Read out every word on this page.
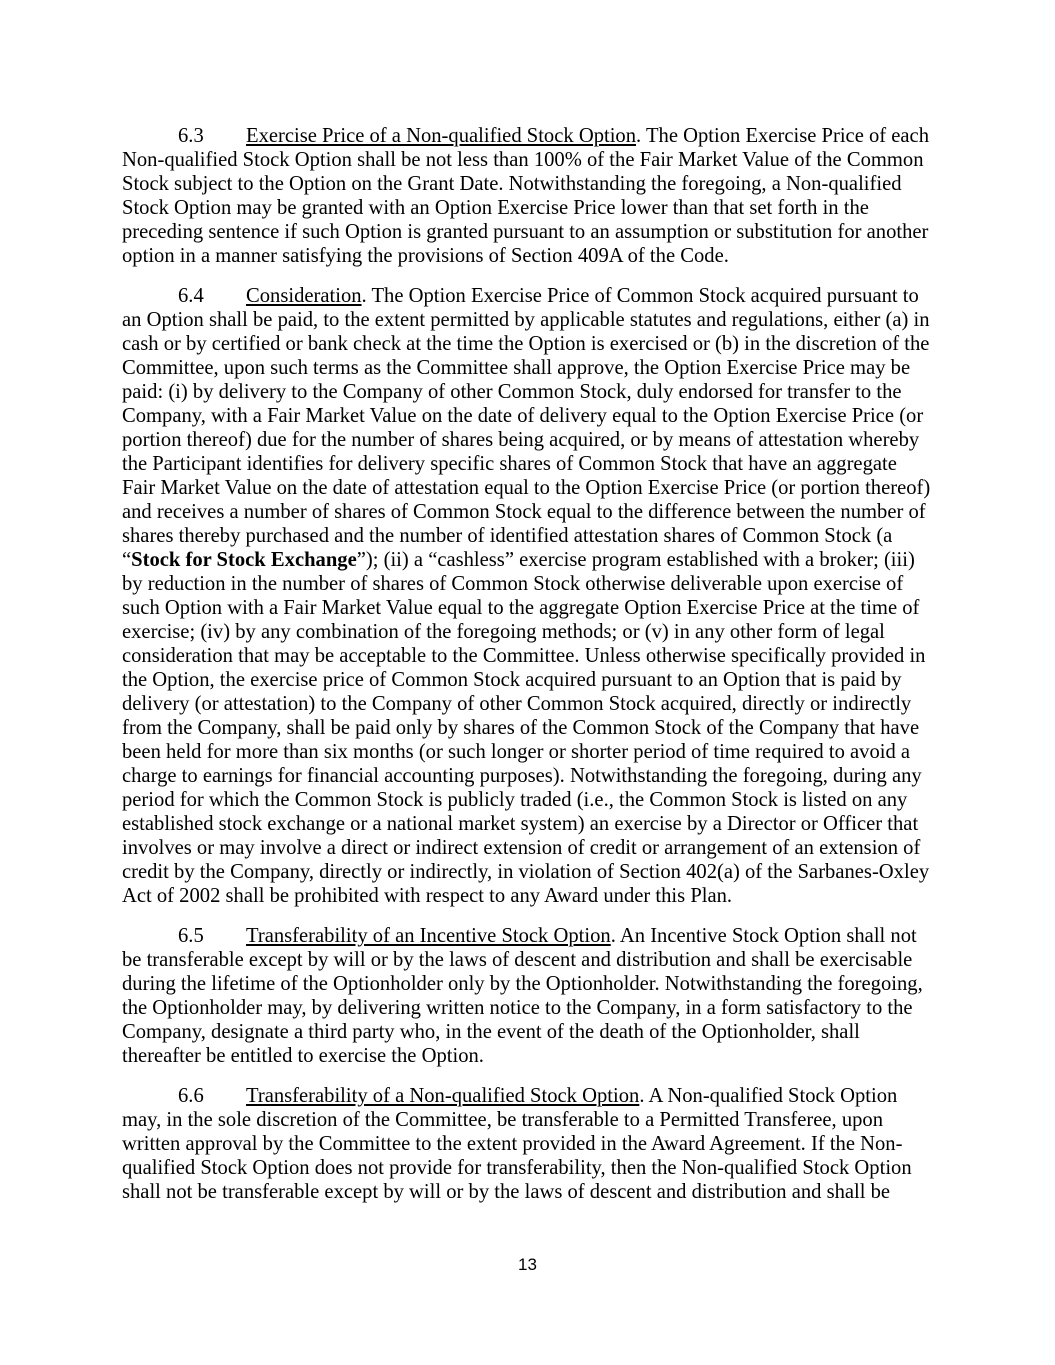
6.3 Exercise Price of a Non-qualified Stock Option. The Option Exercise Price of each Non-qualified Stock Option shall be not less than 100% of the Fair Market Value of the Common Stock subject to the Option on the Grant Date. Notwithstanding the foregoing, a Non-qualified Stock Option may be granted with an Option Exercise Price lower than that set forth in the preceding sentence if such Option is granted pursuant to an assumption or substitution for another option in a manner satisfying the provisions of Section 409A of the Code.

6.4 Consideration. The Option Exercise Price of Common Stock acquired pursuant to an Option shall be paid, to the extent permitted by applicable statutes and regulations, either (a) in cash or by certified or bank check at the time the Option is exercised or (b) in the discretion of the Committee, upon such terms as the Committee shall approve, the Option Exercise Price may be paid: (i) by delivery to the Company of other Common Stock, duly endorsed for transfer to the Company, with a Fair Market Value on the date of delivery equal to the Option Exercise Price (or portion thereof) due for the number of shares being acquired, or by means of attestation whereby the Participant identifies for delivery specific shares of Common Stock that have an aggregate Fair Market Value on the date of attestation equal to the Option Exercise Price (or portion thereof) and receives a number of shares of Common Stock equal to the difference between the number of shares thereby purchased and the number of identified attestation shares of Common Stock (a “Stock for Stock Exchange”); (ii) a “cashless” exercise program established with a broker; (iii) by reduction in the number of shares of Common Stock otherwise deliverable upon exercise of such Option with a Fair Market Value equal to the aggregate Option Exercise Price at the time of exercise; (iv) by any combination of the foregoing methods; or (v) in any other form of legal consideration that may be acceptable to the Committee. Unless otherwise specifically provided in the Option, the exercise price of Common Stock acquired pursuant to an Option that is paid by delivery (or attestation) to the Company of other Common Stock acquired, directly or indirectly from the Company, shall be paid only by shares of the Common Stock of the Company that have been held for more than six months (or such longer or shorter period of time required to avoid a charge to earnings for financial accounting purposes). Notwithstanding the foregoing, during any period for which the Common Stock is publicly traded (i.e., the Common Stock is listed on any established stock exchange or a national market system) an exercise by a Director or Officer that involves or may involve a direct or indirect extension of credit or arrangement of an extension of credit by the Company, directly or indirectly, in violation of Section 402(a) of the Sarbanes-Oxley Act of 2002 shall be prohibited with respect to any Award under this Plan.

6.5 Transferability of an Incentive Stock Option. An Incentive Stock Option shall not be transferable except by will or by the laws of descent and distribution and shall be exercisable during the lifetime of the Optionholder only by the Optionholder. Notwithstanding the foregoing, the Optionholder may, by delivering written notice to the Company, in a form satisfactory to the Company, designate a third party who, in the event of the death of the Optionholder, shall thereafter be entitled to exercise the Option.

6.6 Transferability of a Non-qualified Stock Option. A Non-qualified Stock Option may, in the sole discretion of the Committee, be transferable to a Permitted Transferee, upon written approval by the Committee to the extent provided in the Award Agreement. If the Non-qualified Stock Option does not provide for transferability, then the Non-qualified Stock Option shall not be transferable except by will or by the laws of descent and distribution and shall be

13
